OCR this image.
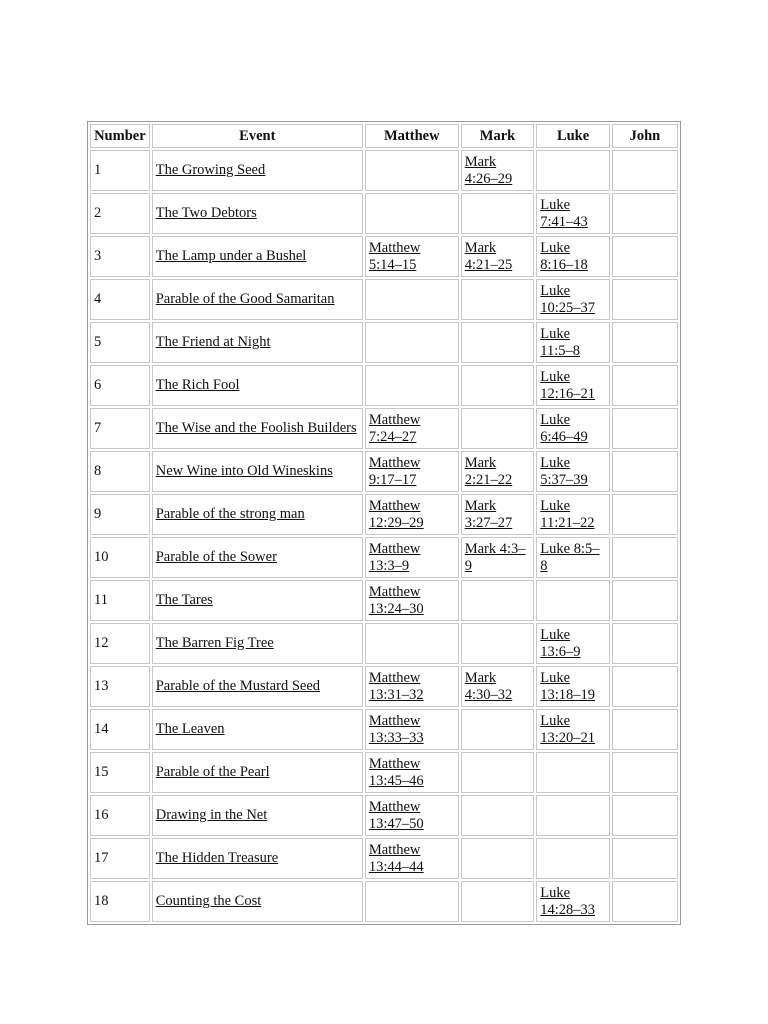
Number	Event	Matthew	Mark	Luke	John
1	The Growing Seed		Mark 4:26–29		
2	The Two Debtors			Luke 7:41–43	
3	The Lamp under a Bushel	Matthew 5:14–15	Mark 4:21–25	Luke 8:16–18	
4	Parable of the Good Samaritan			Luke 10:25–37	
5	The Friend at Night			Luke 11:5–8	
6	The Rich Fool			Luke 12:16–21	
7	The Wise and the Foolish Builders	Matthew 7:24–27		Luke 6:46–49	
8	New Wine into Old Wineskins	Matthew 9:17–17	Mark 2:21–22	Luke 5:37–39	
9	Parable of the strong man	Matthew 12:29–29	Mark 3:27–27	Luke 11:21–22	
10	Parable of the Sower	Matthew 13:3–9	Mark 4:3–9	Luke 8:5–8	
11	The Tares	Matthew 13:24–30			
12	The Barren Fig Tree			Luke 13:6–9	
13	Parable of the Mustard Seed	Matthew 13:31–32	Mark 4:30–32	Luke 13:18–19	
14	The Leaven	Matthew 13:33–33		Luke 13:20–21	
15	Parable of the Pearl	Matthew 13:45–46			
16	Drawing in the Net	Matthew 13:47–50			
17	The Hidden Treasure	Matthew 13:44–44			
18	Counting the Cost			Luke 14:28–33	
